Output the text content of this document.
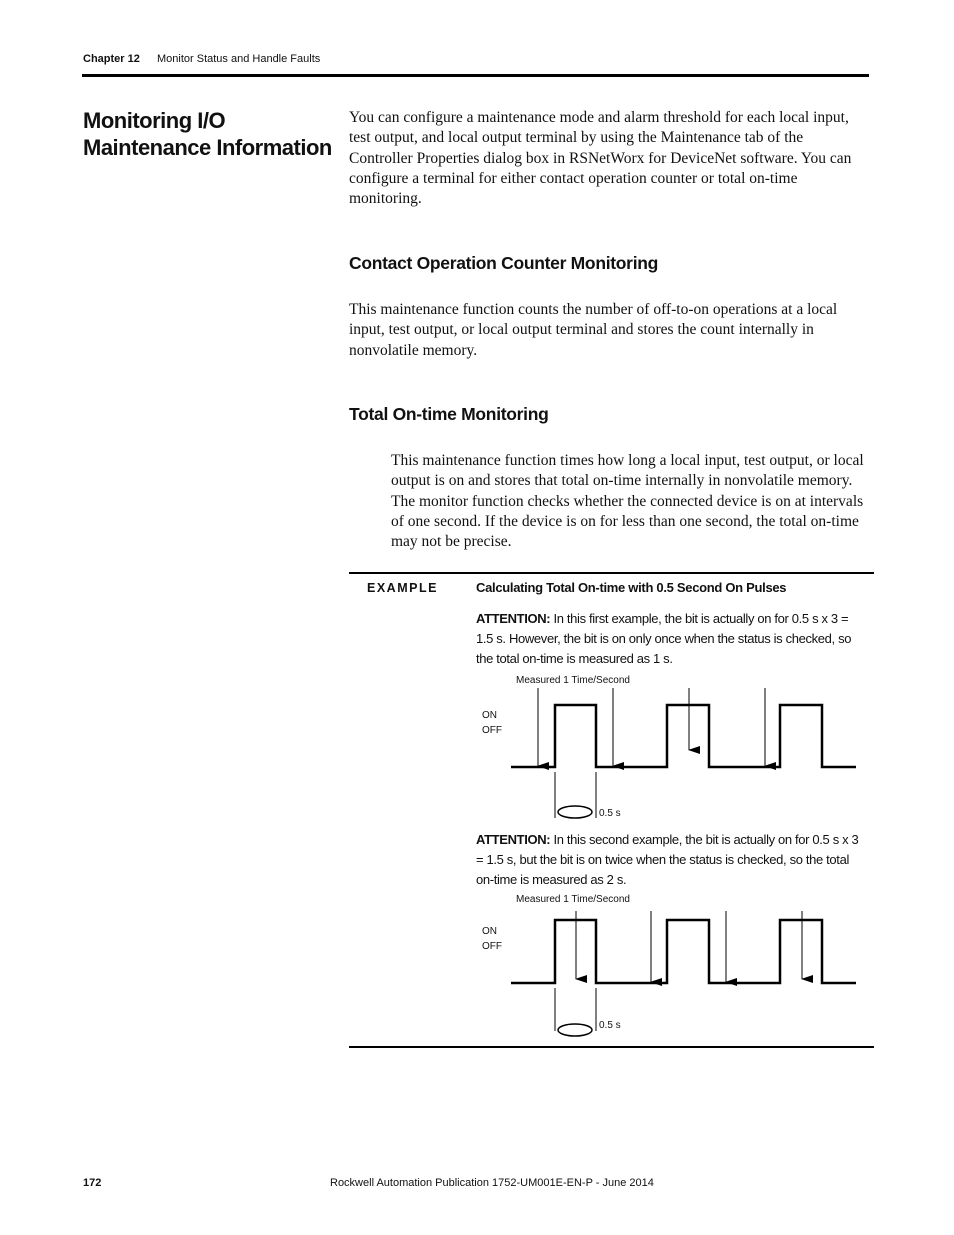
Chapter 12 Monitor Status and Handle Faults
Monitoring I/O Maintenance Information
You can configure a maintenance mode and alarm threshold for each local input, test output, and local output terminal by using the Maintenance tab of the Controller Properties dialog box in RSNetWorx for DeviceNet software. You can configure a terminal for either contact operation counter or total on-time monitoring.
Contact Operation Counter Monitoring
This maintenance function counts the number of off-to-on operations at a local input, test output, or local output terminal and stores the count internally in nonvolatile memory.
Total On-time Monitoring
This maintenance function times how long a local input, test output, or local output is on and stores that total on-time internally in nonvolatile memory. The monitor function checks whether the connected device is on at intervals of one second. If the device is on for less than one second, the total on-time may not be precise.
EXAMPLE	Calculating Total On-time with 0.5 Second On Pulses
ATTENTION: In this first example, the bit is actually on for 0.5 s x 3 = 1.5 s. However, the bit is on only once when the status is checked, so the total on-time is measured as 1 s.
Measured 1 Time/Second
ON
OFF
0.5 s
ATTENTION: In this second example, the bit is actually on for 0.5 s x 3 = 1.5 s, but the bit is on twice when the status is checked, so the total on-time is measured as 2 s.
Measured 1 Time/Second
ON
OFF
0.5 s
172	Rockwell Automation Publication 1752-UM001E-EN-P - June 2014
